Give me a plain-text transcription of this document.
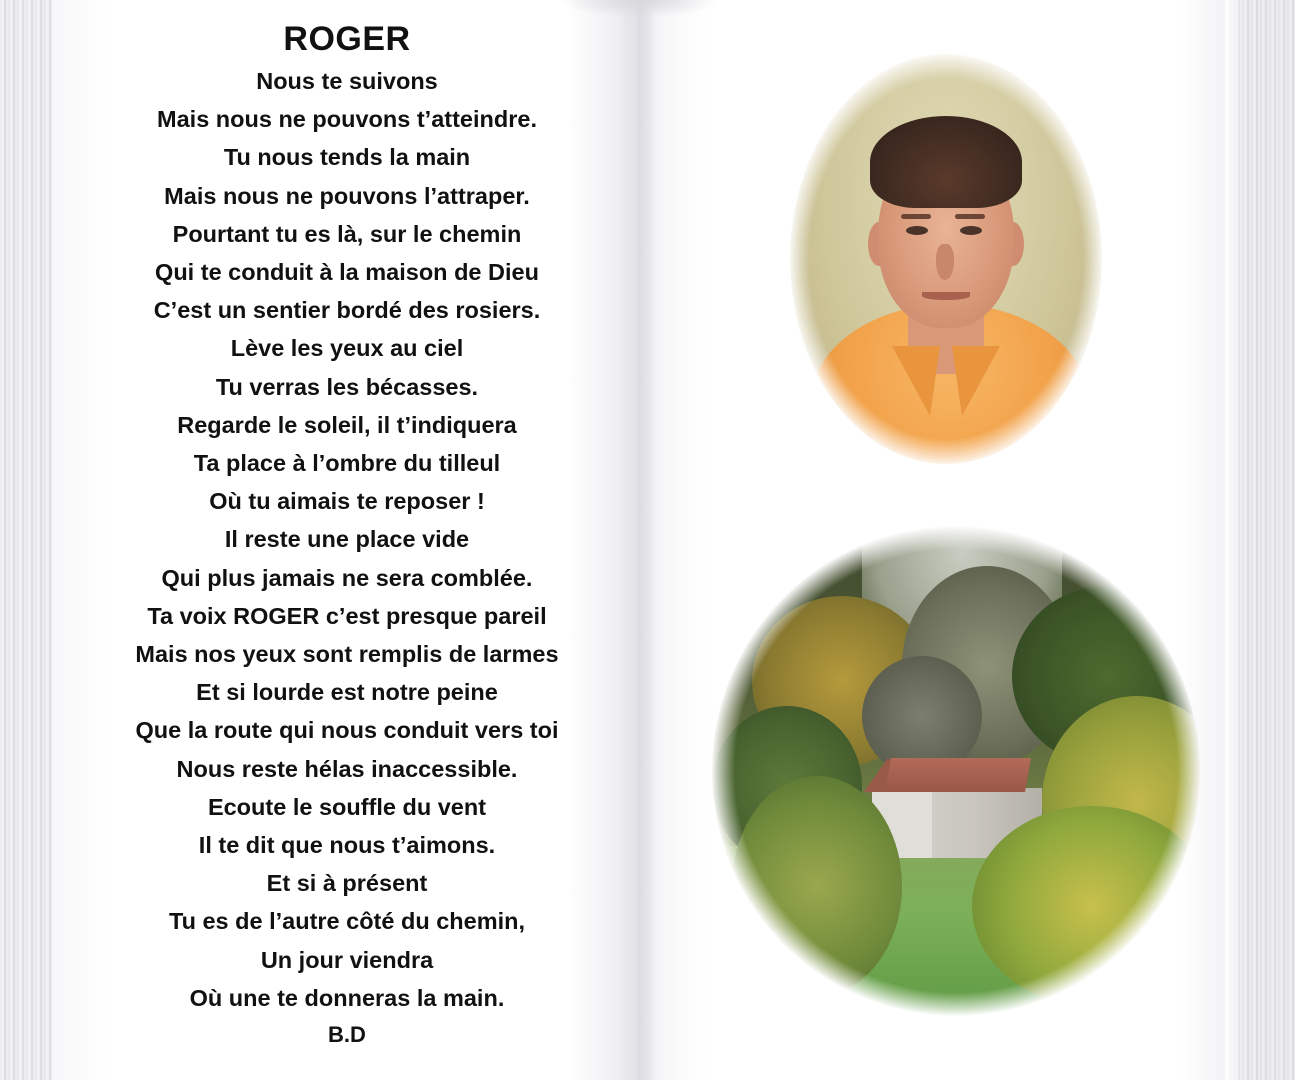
ROGER
Nous te suivons
Mais nous ne pouvons t’atteindre.
Tu nous tends la main
Mais nous ne pouvons l’attraper.
Pourtant tu es là, sur le chemin
Qui te conduit à la maison de Dieu
C’est un sentier bordé des rosiers.
Lève les yeux au ciel
Tu verras les bécasses.
Regarde le soleil, il t’indiquera
Ta place à l’ombre du tilleul
Où tu aimais te reposer !
Il reste une place vide
Qui plus jamais ne sera comblée.
Ta voix ROGER c’est presque pareil
Mais nos yeux sont remplis de larmes
Et si lourde est notre peine
Que la route qui nous conduit vers toi
Nous reste hélas inaccessible.
Ecoute le souffle du vent
Il te dit que nous t’aimons.
Et si à présent
Tu es de l’autre côté du chemin,
Un jour viendra
Où une te donneras la main.
B.D
